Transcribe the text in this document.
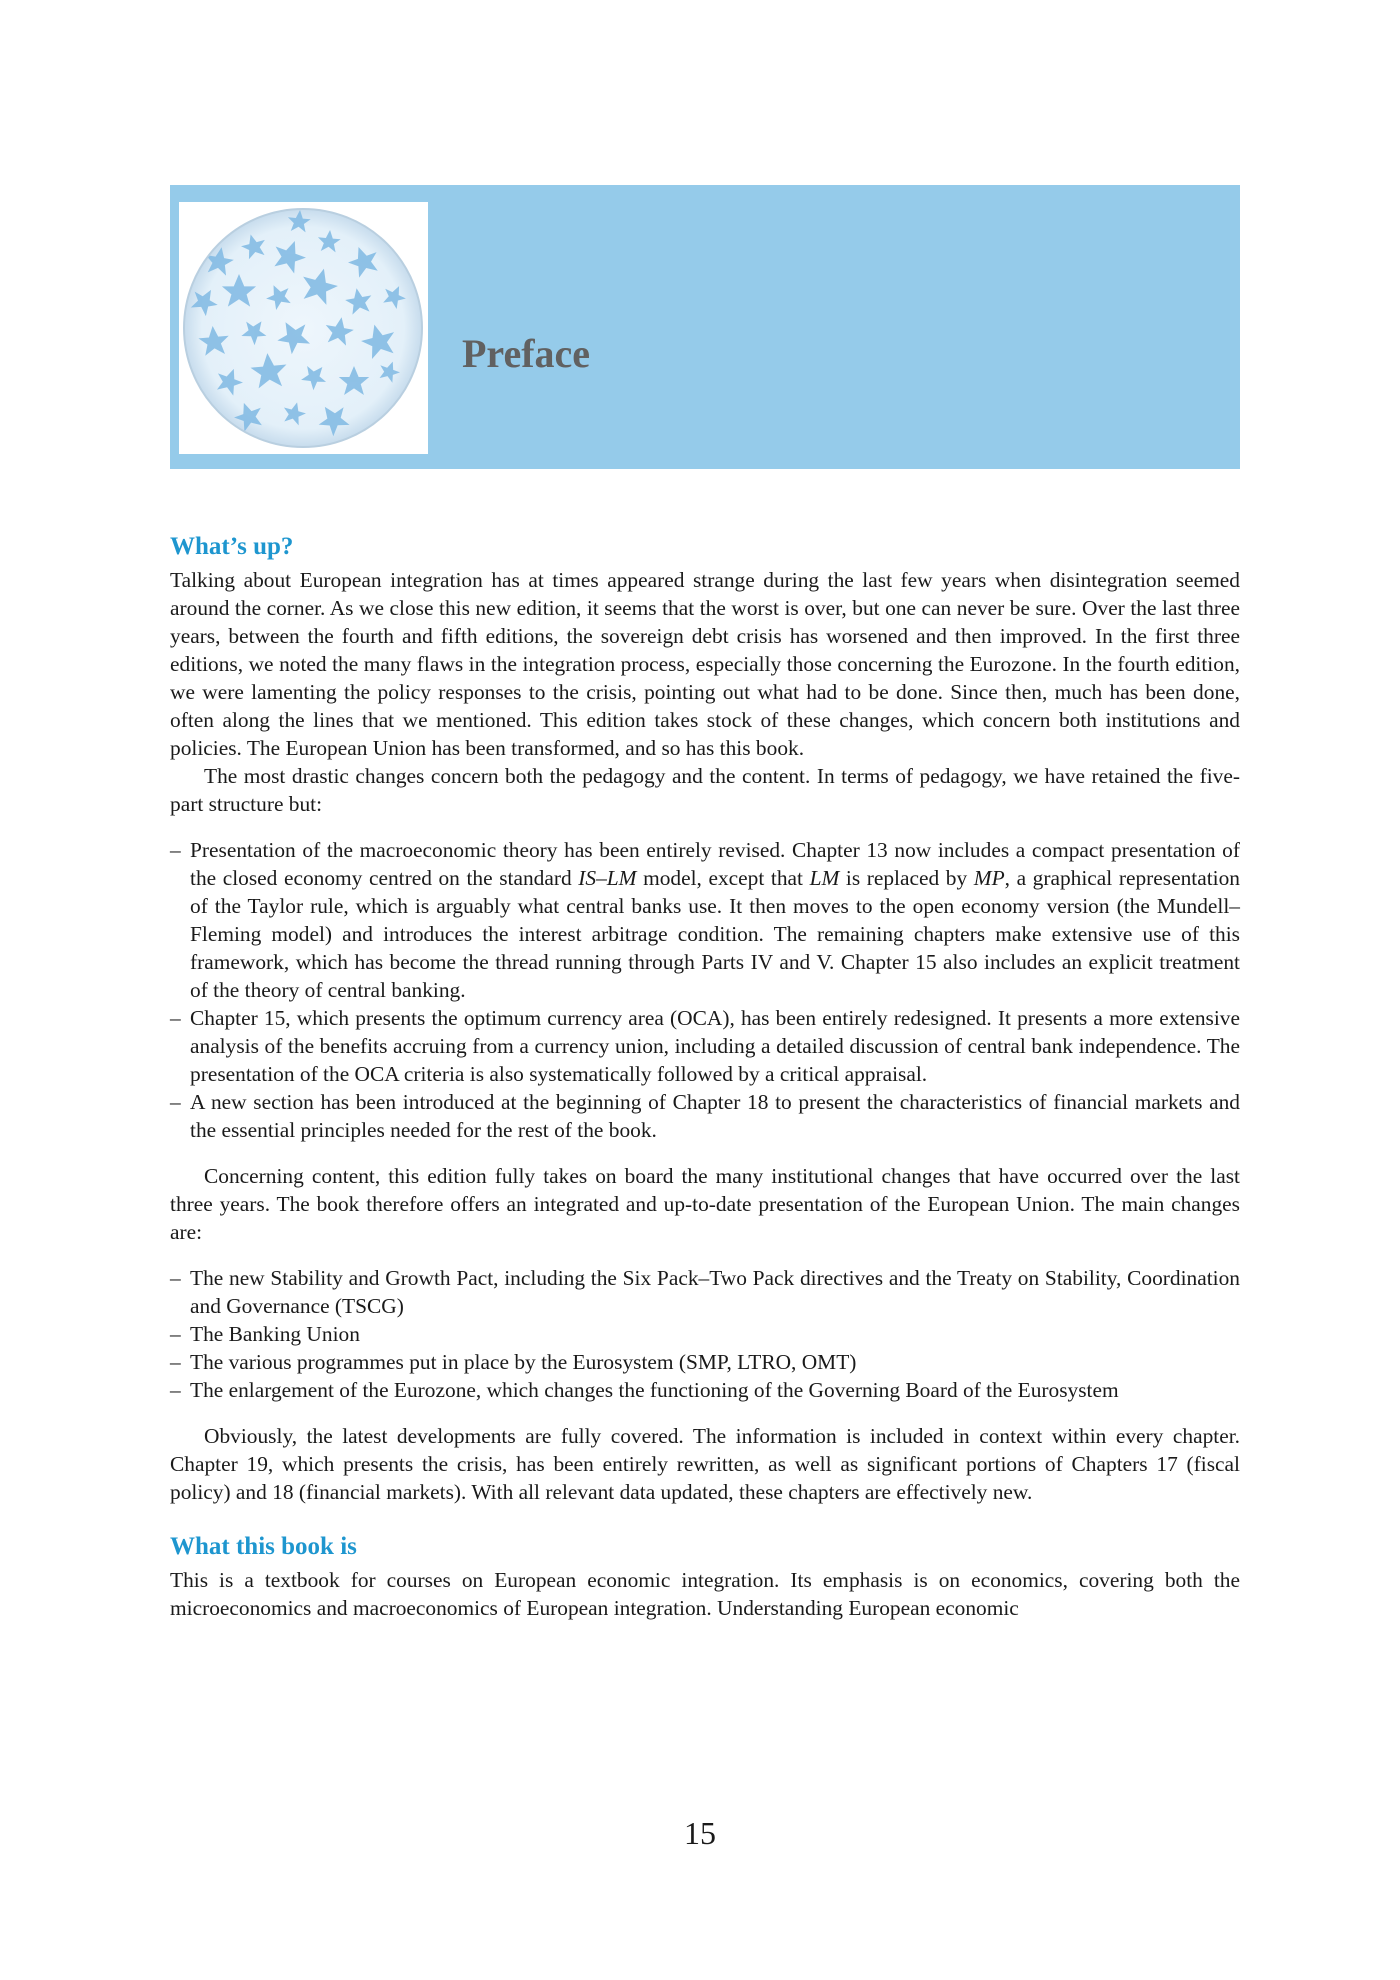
Preface
What’s up?

Talking about European integration has at times appeared strange during the last few years when disintegration seemed around the corner. As we close this new edition, it seems that the worst is over, but one can never be sure. Over the last three years, between the fourth and fifth editions, the sovereign debt crisis has worsened and then improved. In the first three editions, we noted the many flaws in the integration process, especially those concerning the Eurozone. In the fourth edition, we were lamenting the policy responses to the crisis, pointing out what had to be done. Since then, much has been done, often along the lines that we mentioned. This edition takes stock of these changes, which concern both institutions and policies. The European Union has been transformed, and so has this book.

The most drastic changes concern both the pedagogy and the content. In terms of pedagogy, we have retained the five-part structure but:

– Presentation of the macroeconomic theory has been entirely revised. Chapter 13 now includes a compact presentation of the closed economy centred on the standard IS–LM model, except that LM is replaced by MP, a graphical representation of the Taylor rule, which is arguably what central banks use. It then moves to the open economy version (the Mundell–Fleming model) and introduces the interest arbitrage condition. The remaining chapters make extensive use of this framework, which has become the thread running through Parts IV and V. Chapter 15 also includes an explicit treatment of the theory of central banking.
– Chapter 15, which presents the optimum currency area (OCA), has been entirely redesigned. It presents a more extensive analysis of the benefits accruing from a currency union, including a detailed discussion of central bank independence. The presentation of the OCA criteria is also systematically followed by a critical appraisal.
– A new section has been introduced at the beginning of Chapter 18 to present the characteristics of financial markets and the essential principles needed for the rest of the book.

Concerning content, this edition fully takes on board the many institutional changes that have occurred over the last three years. The book therefore offers an integrated and up-to-date presentation of the European Union. The main changes are:

– The new Stability and Growth Pact, including the Six Pack–Two Pack directives and the Treaty on Stability, Coordination and Governance (TSCG)
– The Banking Union
– The various programmes put in place by the Eurosystem (SMP, LTRO, OMT)
– The enlargement of the Eurozone, which changes the functioning of the Governing Board of the Eurosystem

Obviously, the latest developments are fully covered. The information is included in context within every chapter. Chapter 19, which presents the crisis, has been entirely rewritten, as well as significant portions of Chapters 17 (fiscal policy) and 18 (financial markets). With all relevant data updated, these chapters are effectively new.

What this book is

This is a textbook for courses on European economic integration. Its emphasis is on economics, covering both the microeconomics and macroeconomics of European integration. Understanding European economic

15
